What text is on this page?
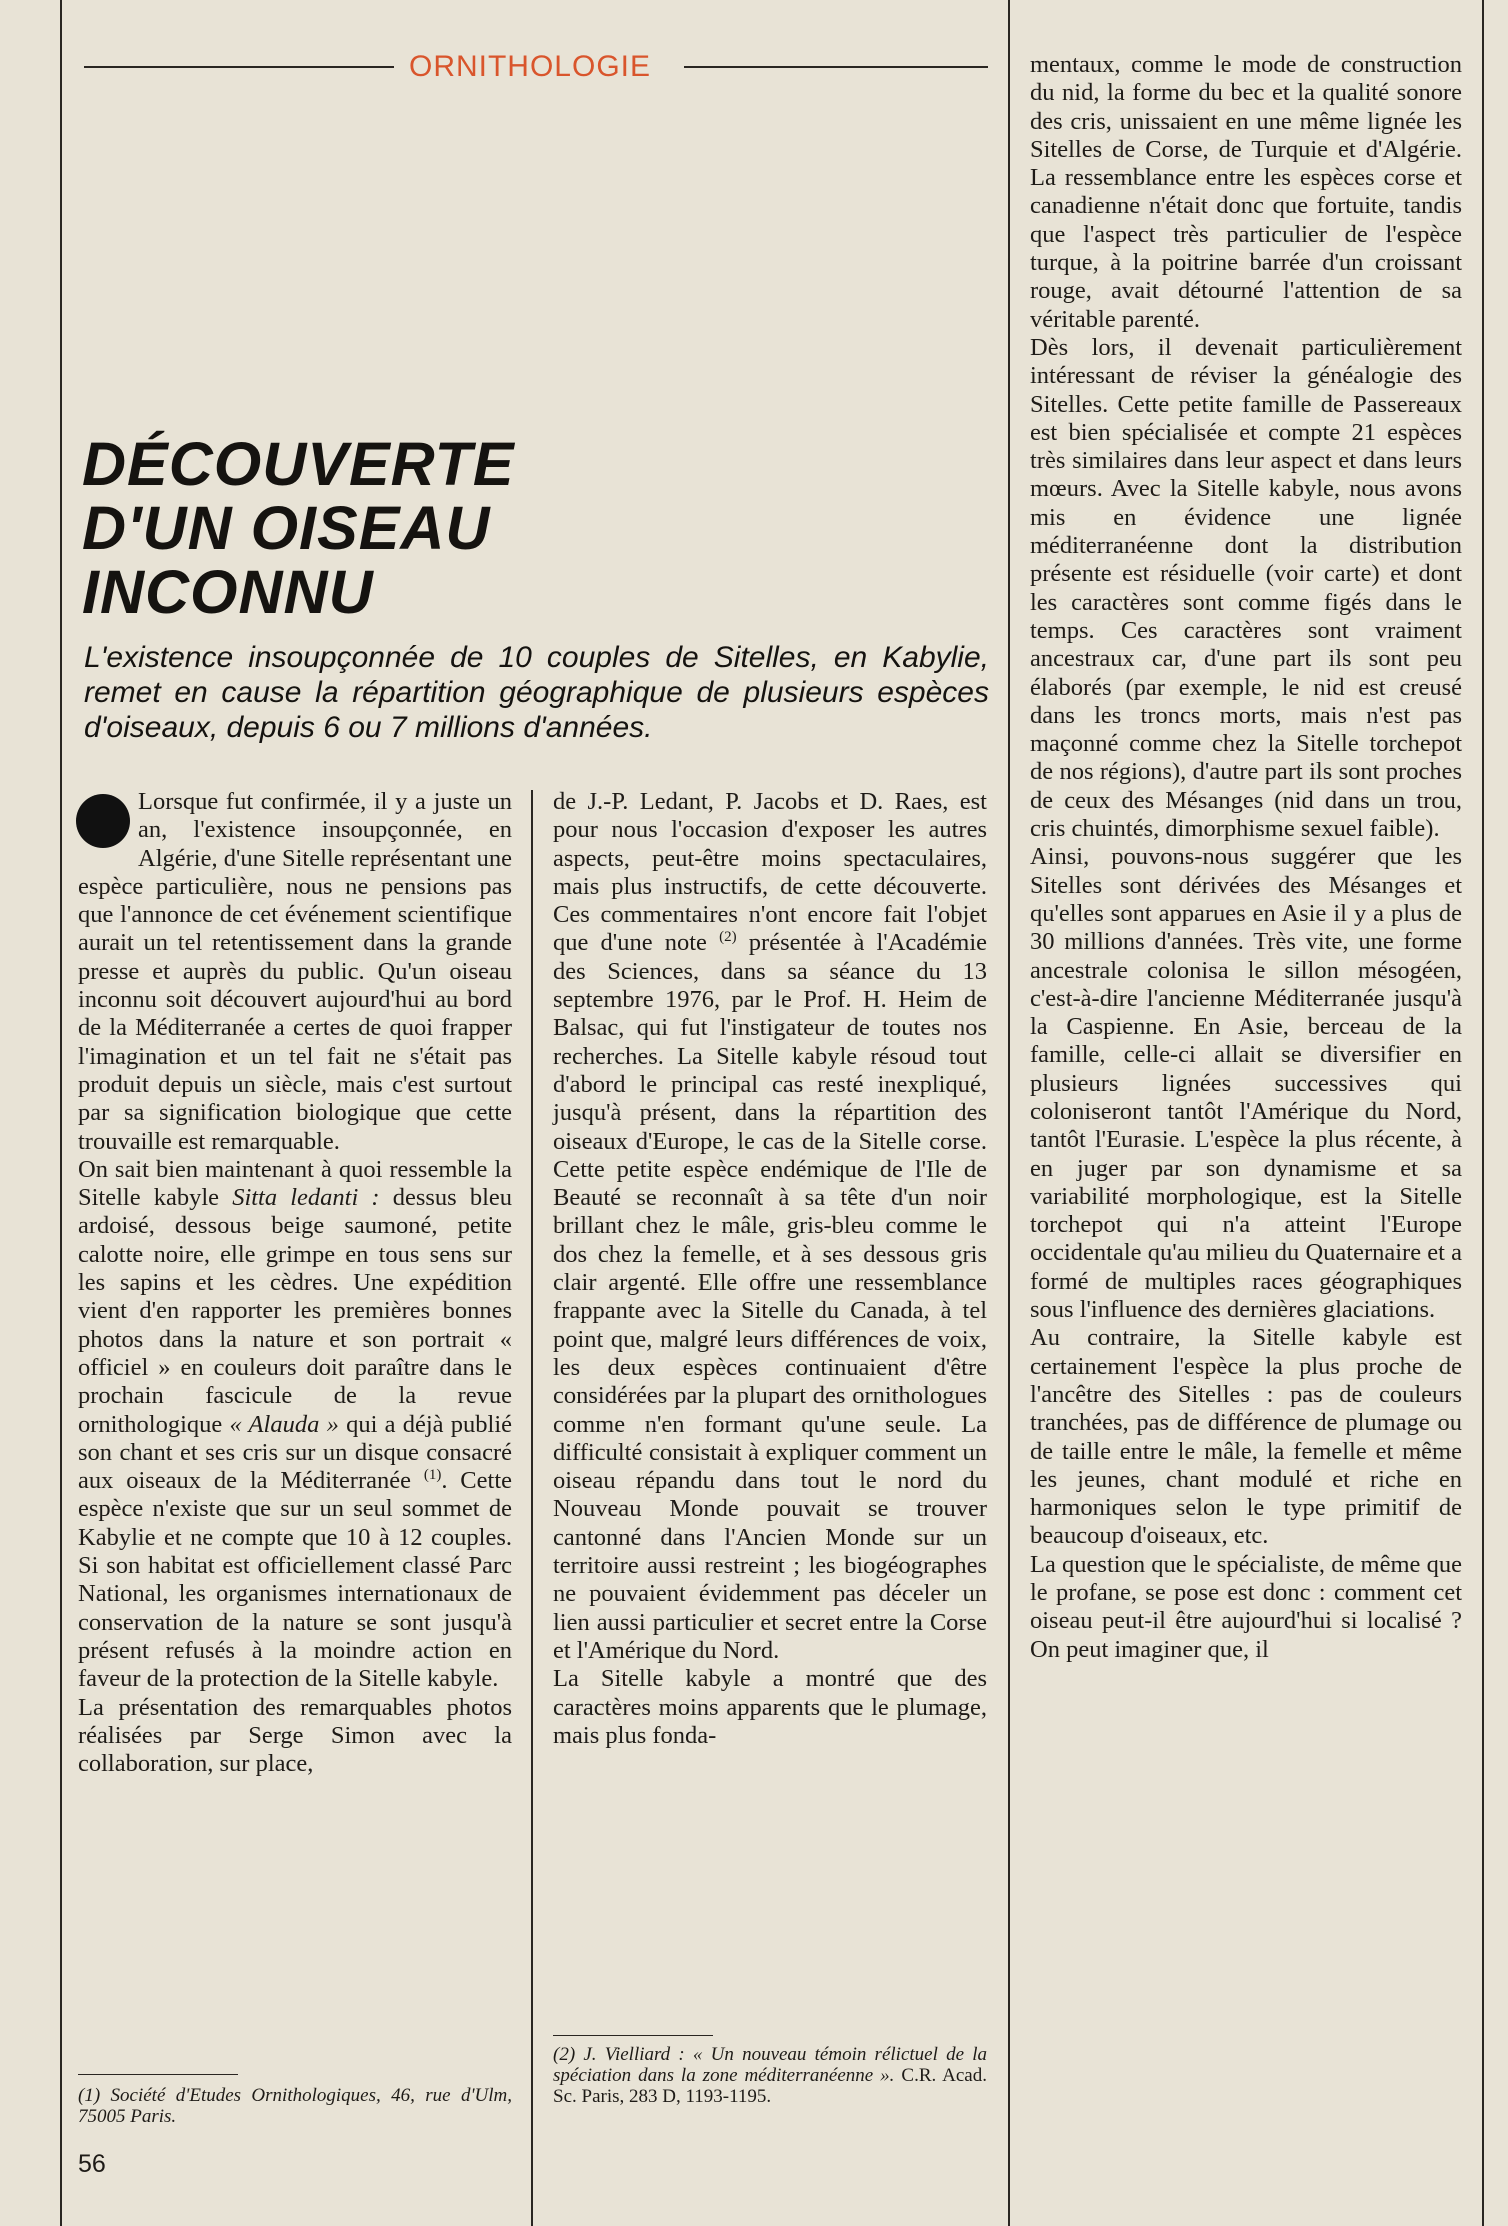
ORNITHOLOGIE
DÉCOUVERTE
D'UN OISEAU
INCONNU

L'existence insoupçonnée de 10 couples de Sitelles, en Kabylie, remet en cause la répartition géographique de plusieurs espèces d'oiseaux, depuis 6 ou 7 millions d'années.

Lorsque fut confirmée, il y a juste un an, l'existence insoupçonnée, en Algérie, d'une Sitelle représentant une espèce particulière, nous ne pensions pas que l'annonce de cet événement scientifique aurait un tel retentissement dans la grande presse et auprès du public. Qu'un oiseau inconnu soit découvert aujourd'hui au bord de la Méditerranée a certes de quoi frapper l'imagination et un tel fait ne s'était pas produit depuis un siècle, mais c'est surtout par sa signification biologique que cette trouvaille est remarquable.

On sait bien maintenant à quoi ressemble la Sitelle kabyle Sitta ledanti : dessus bleu ardoisé, dessous beige saumoné, petite calotte noire, elle grimpe en tous sens sur les sapins et les cèdres. Une expédition vient d'en rapporter les premières bonnes photos dans la nature et son portrait « officiel » en couleurs doit paraître dans le prochain fascicule de la revue ornithologique « Alauda » qui a déjà publié son chant et ses cris sur un disque consacré aux oiseaux de la Méditerranée $^{(1)}$. Cette espèce n'existe que sur un seul sommet de Kabylie et ne compte que 10 à 12 couples. Si son habitat est officiellement classé Parc National, les organismes internationaux de conservation de la nature se sont jusqu'à présent refusés à la moindre action en faveur de la protection de la Sitelle kabyle.

La présentation des remarquables photos réalisées par Serge Simon avec la collaboration, sur place,

de J.-P. Ledant, P. Jacobs et D. Raes, est pour nous l'occasion d'exposer les autres aspects, peut-être moins spectaculaires, mais plus instructifs, de cette découverte. Ces commentaires n'ont encore fait l'objet que d'une note $^{(2)}$ présentée à l'Académie des Sciences, dans sa séance du 13 septembre 1976, par le Prof. H. Heim de Balsac, qui fut l'instigateur de toutes nos recherches. La Sitelle kabyle résoud tout d'abord le principal cas resté inexpliqué, jusqu'à présent, dans la répartition des oiseaux d'Europe, le cas de la Sitelle corse. Cette petite espèce endémique de l'Ile de Beauté se reconnaît à sa tête d'un noir brillant chez le mâle, gris-bleu comme le dos chez la femelle, et à ses dessous gris clair argenté. Elle offre une ressemblance frappante avec la Sitelle du Canada, à tel point que, malgré leurs différences de voix, les deux espèces continuaient d'être considérées par la plupart des ornithologues comme n'en formant qu'une seule. La difficulté consistait à expliquer comment un oiseau répandu dans tout le nord du Nouveau Monde pouvait se trouver cantonné dans l'Ancien Monde sur un territoire aussi restreint ; les biogéographes ne pouvaient évidemment pas déceler un lien aussi particulier et secret entre la Corse et l'Amérique du Nord.

La Sitelle kabyle a montré que des caractères moins apparents que le plumage, mais plus fonda-

mentaux, comme le mode de construction du nid, la forme du bec et la qualité sonore des cris, unissaient en une même lignée les Sitelles de Corse, de Turquie et d'Algérie. La ressemblance entre les espèces corse et canadienne n'était donc que fortuite, tandis que l'aspect très particulier de l'espèce turque, à la poitrine barrée d'un croissant rouge, avait détourné l'attention de sa véritable parenté.

Dès lors, il devenait particulièrement intéressant de réviser la généalogie des Sitelles. Cette petite famille de Passereaux est bien spécialisée et compte 21 espèces très similaires dans leur aspect et dans leurs mœurs. Avec la Sitelle kabyle, nous avons mis en évidence une lignée méditerranéenne dont la distribution présente est résiduelle (voir carte) et dont les caractères sont comme figés dans le temps. Ces caractères sont vraiment ancestraux car, d'une part ils sont peu élaborés (par exemple, le nid est creusé dans les troncs morts, mais n'est pas maçonné comme chez la Sitelle torchepot de nos régions), d'autre part ils sont proches de ceux des Mésanges (nid dans un trou, cris chuintés, dimorphisme sexuel faible).

Ainsi, pouvons-nous suggérer que les Sitelles sont dérivées des Mésanges et qu'elles sont apparues en Asie il y a plus de 30 millions d'années. Très vite, une forme ancestrale colonisa le sillon mésogéen, c'est-à-dire l'ancienne Méditerranée jusqu'à la Caspienne. En Asie, berceau de la famille, celle-ci allait se diversifier en plusieurs lignées successives qui coloniseront tantôt l'Amérique du Nord, tantôt l'Eurasie. L'espèce la plus récente, à en juger par son dynamisme et sa variabilité morphologique, est la Sitelle torchepot qui n'a atteint l'Europe occidentale qu'au milieu du Quaternaire et a formé de multiples races géographiques sous l'influence des dernières glaciations.

Au contraire, la Sitelle kabyle est certainement l'espèce la plus proche de l'ancêtre des Sitelles : pas de couleurs tranchées, pas de différence de plumage ou de taille entre le mâle, la femelle et même les jeunes, chant modulé et riche en harmoniques selon le type primitif de beaucoup d'oiseaux, etc.

La question que le spécialiste, de même que le profane, se pose est donc : comment cet oiseau peut-il être aujourd'hui si localisé ? On peut imaginer que, il

(1) Société d'Etudes Ornithologiques, 46, rue d'Ulm, 75005 Paris.
(2) J. Vielliard : « Un nouveau témoin rélictuel de la spéciation dans la zone méditerranéenne ». C.R. Acad. Sc. Paris, 283 D, 1193-1195.
56
